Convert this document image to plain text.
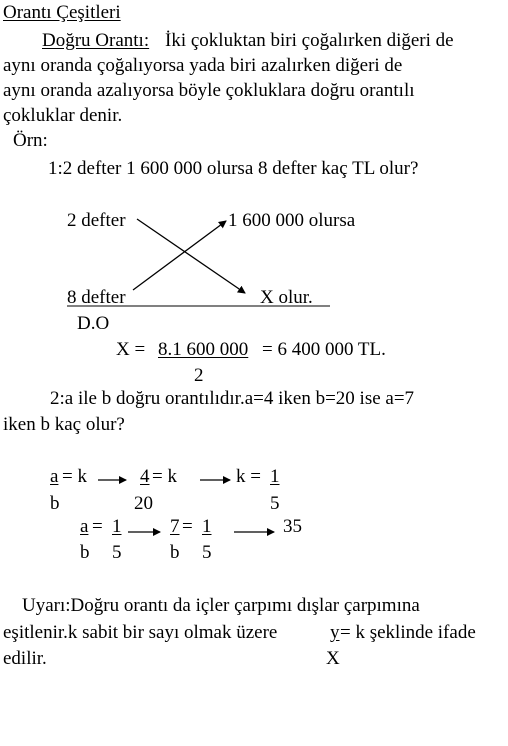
Orantı Çeşitleri
Doğru Orantı: İki çokluktan biri çoğalırken diğeri de
aynı oranda çoğalıyorsa yada biri azalırken diğeri de
aynı oranda azalıyorsa böyle çokluklara doğru orantılı
çokluklar denir.
Örn:
1:2 defter 1 600 000 olursa 8 defter kaç TL olur?
2 defter	1 600 000 olursa
8 defter	X olur.
D.O
X = 8.1 600 000 = 6 400 000 TL.
2
2:a ile b doğru orantılıdır.a=4 iken b=20 ise a=7
iken b kaç olur?
a = k
b
4 = k
20
k = 1
5
a = 1
b 5
7 = 1
b 5
35
Uyarı:Doğru orantı da içler çarpımı dışlar çarpımına
eşitlenir.k sabit bir sayı olmak üzere	y = k şeklinde ifade
edilir.	X
